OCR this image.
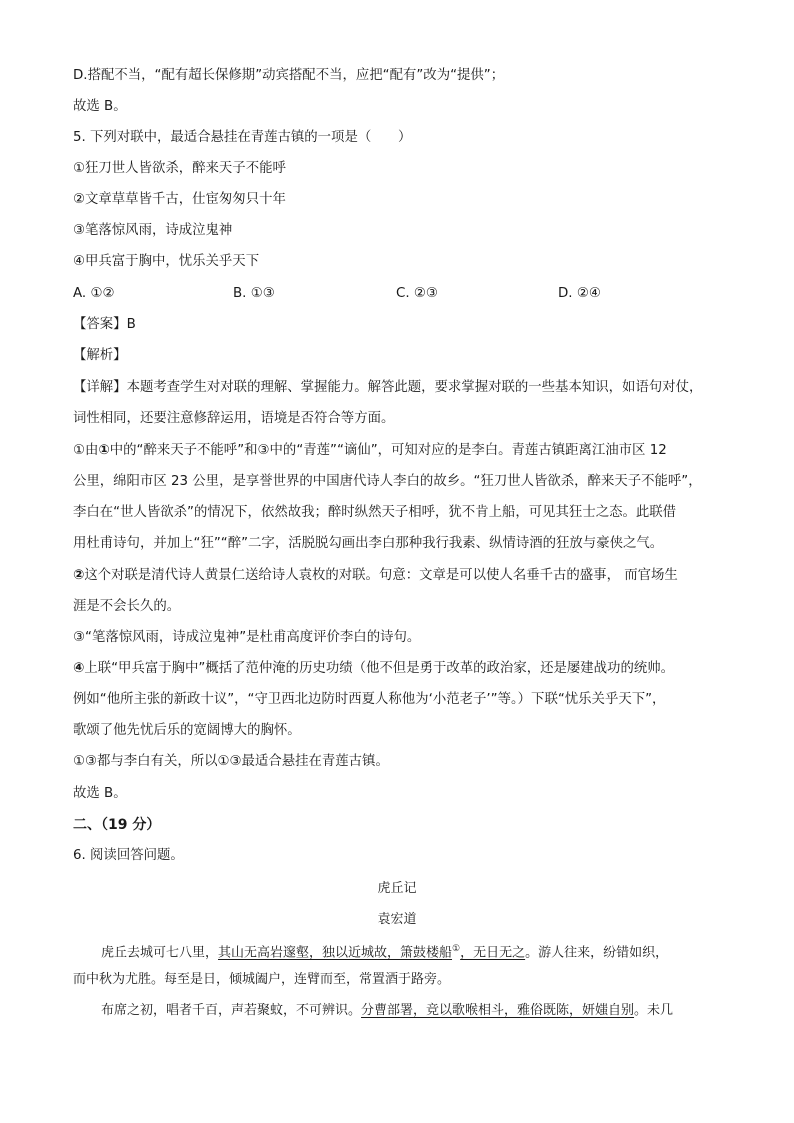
D.搭配不当，“配有超长保修期”动宾搭配不当，应把“配有”改为“提供”；
故选 B。
5. 下列对联中，最适合悬挂在青莲古镇的一项是（　　）
①狂刀世人皆欲杀，醉来天子不能呼
②文章草草皆千古，仕宦匆匆只十年
③笔落惊风雨，诗成泣鬼神
④甲兵富于胸中，忧乐关乎天下
A. ①②	B. ①③	C. ②③	D. ②④
【答案】B
【解析】
【详解】本题考查学生对对联的理解、掌握能力。解答此题，要求掌握对联的一些基本知识，如语句对仗，
词性相同，还要注意修辞运用，语境是否符合等方面。
①由①中的“醉来天子不能呼”和③中的“青莲”“谪仙”，可知对应的是李白。青莲古镇距离江油市区 12
公里，绵阳市区 23 公里，是享誉世界的中国唐代诗人李白的故乡。“狂刀世人皆欲杀，醉来天子不能呼”，
李白在“世人皆欲杀”的情况下，依然故我；醉时纵然天子相呼，犹不肯上船，可见其狂士之态。此联借
用杜甫诗句，并加上“狂”“醉”二字，活脱脱勾画出李白那种我行我素、纵情诗酒的狂放与豪侠之气。
②这个对联是清代诗人黄景仁送给诗人袁枚的对联。句意：文章是可以使人名垂千古的盛事， 而官场生
涯是不会长久的。
③“笔落惊风雨，诗成泣鬼神”是杜甫高度评价李白的诗句。
④上联“甲兵富于胸中”概括了范仲淹的历史功绩（他不但是勇于改革的政治家，还是屡建战功的统帅。
例如“他所主张的新政十议”，“守卫西北边防时西夏人称他为‘小范老子’”等。）下联“忧乐关乎天下”，
歌颂了他先忧后乐的宽阔博大的胸怀。
①③都与李白有关，所以①③最适合悬挂在青莲古镇。
故选 B。
二、（19 分）
6. 阅读回答问题。
虎丘记
袁宏道
虎丘去城可七八里，其山无高岩邃壑，独以近城故，箫鼓楼船①，无日无之。游人往来，纷错如织，
而中秋为尤胜。每至是日，倾城阖户，连臂而至，常置酒于路旁。
布席之初，唱者千百，声若聚蚊，不可辨识。分曹部署，竞以歌喉相斗，雅俗既陈，妍媸自别。未几
